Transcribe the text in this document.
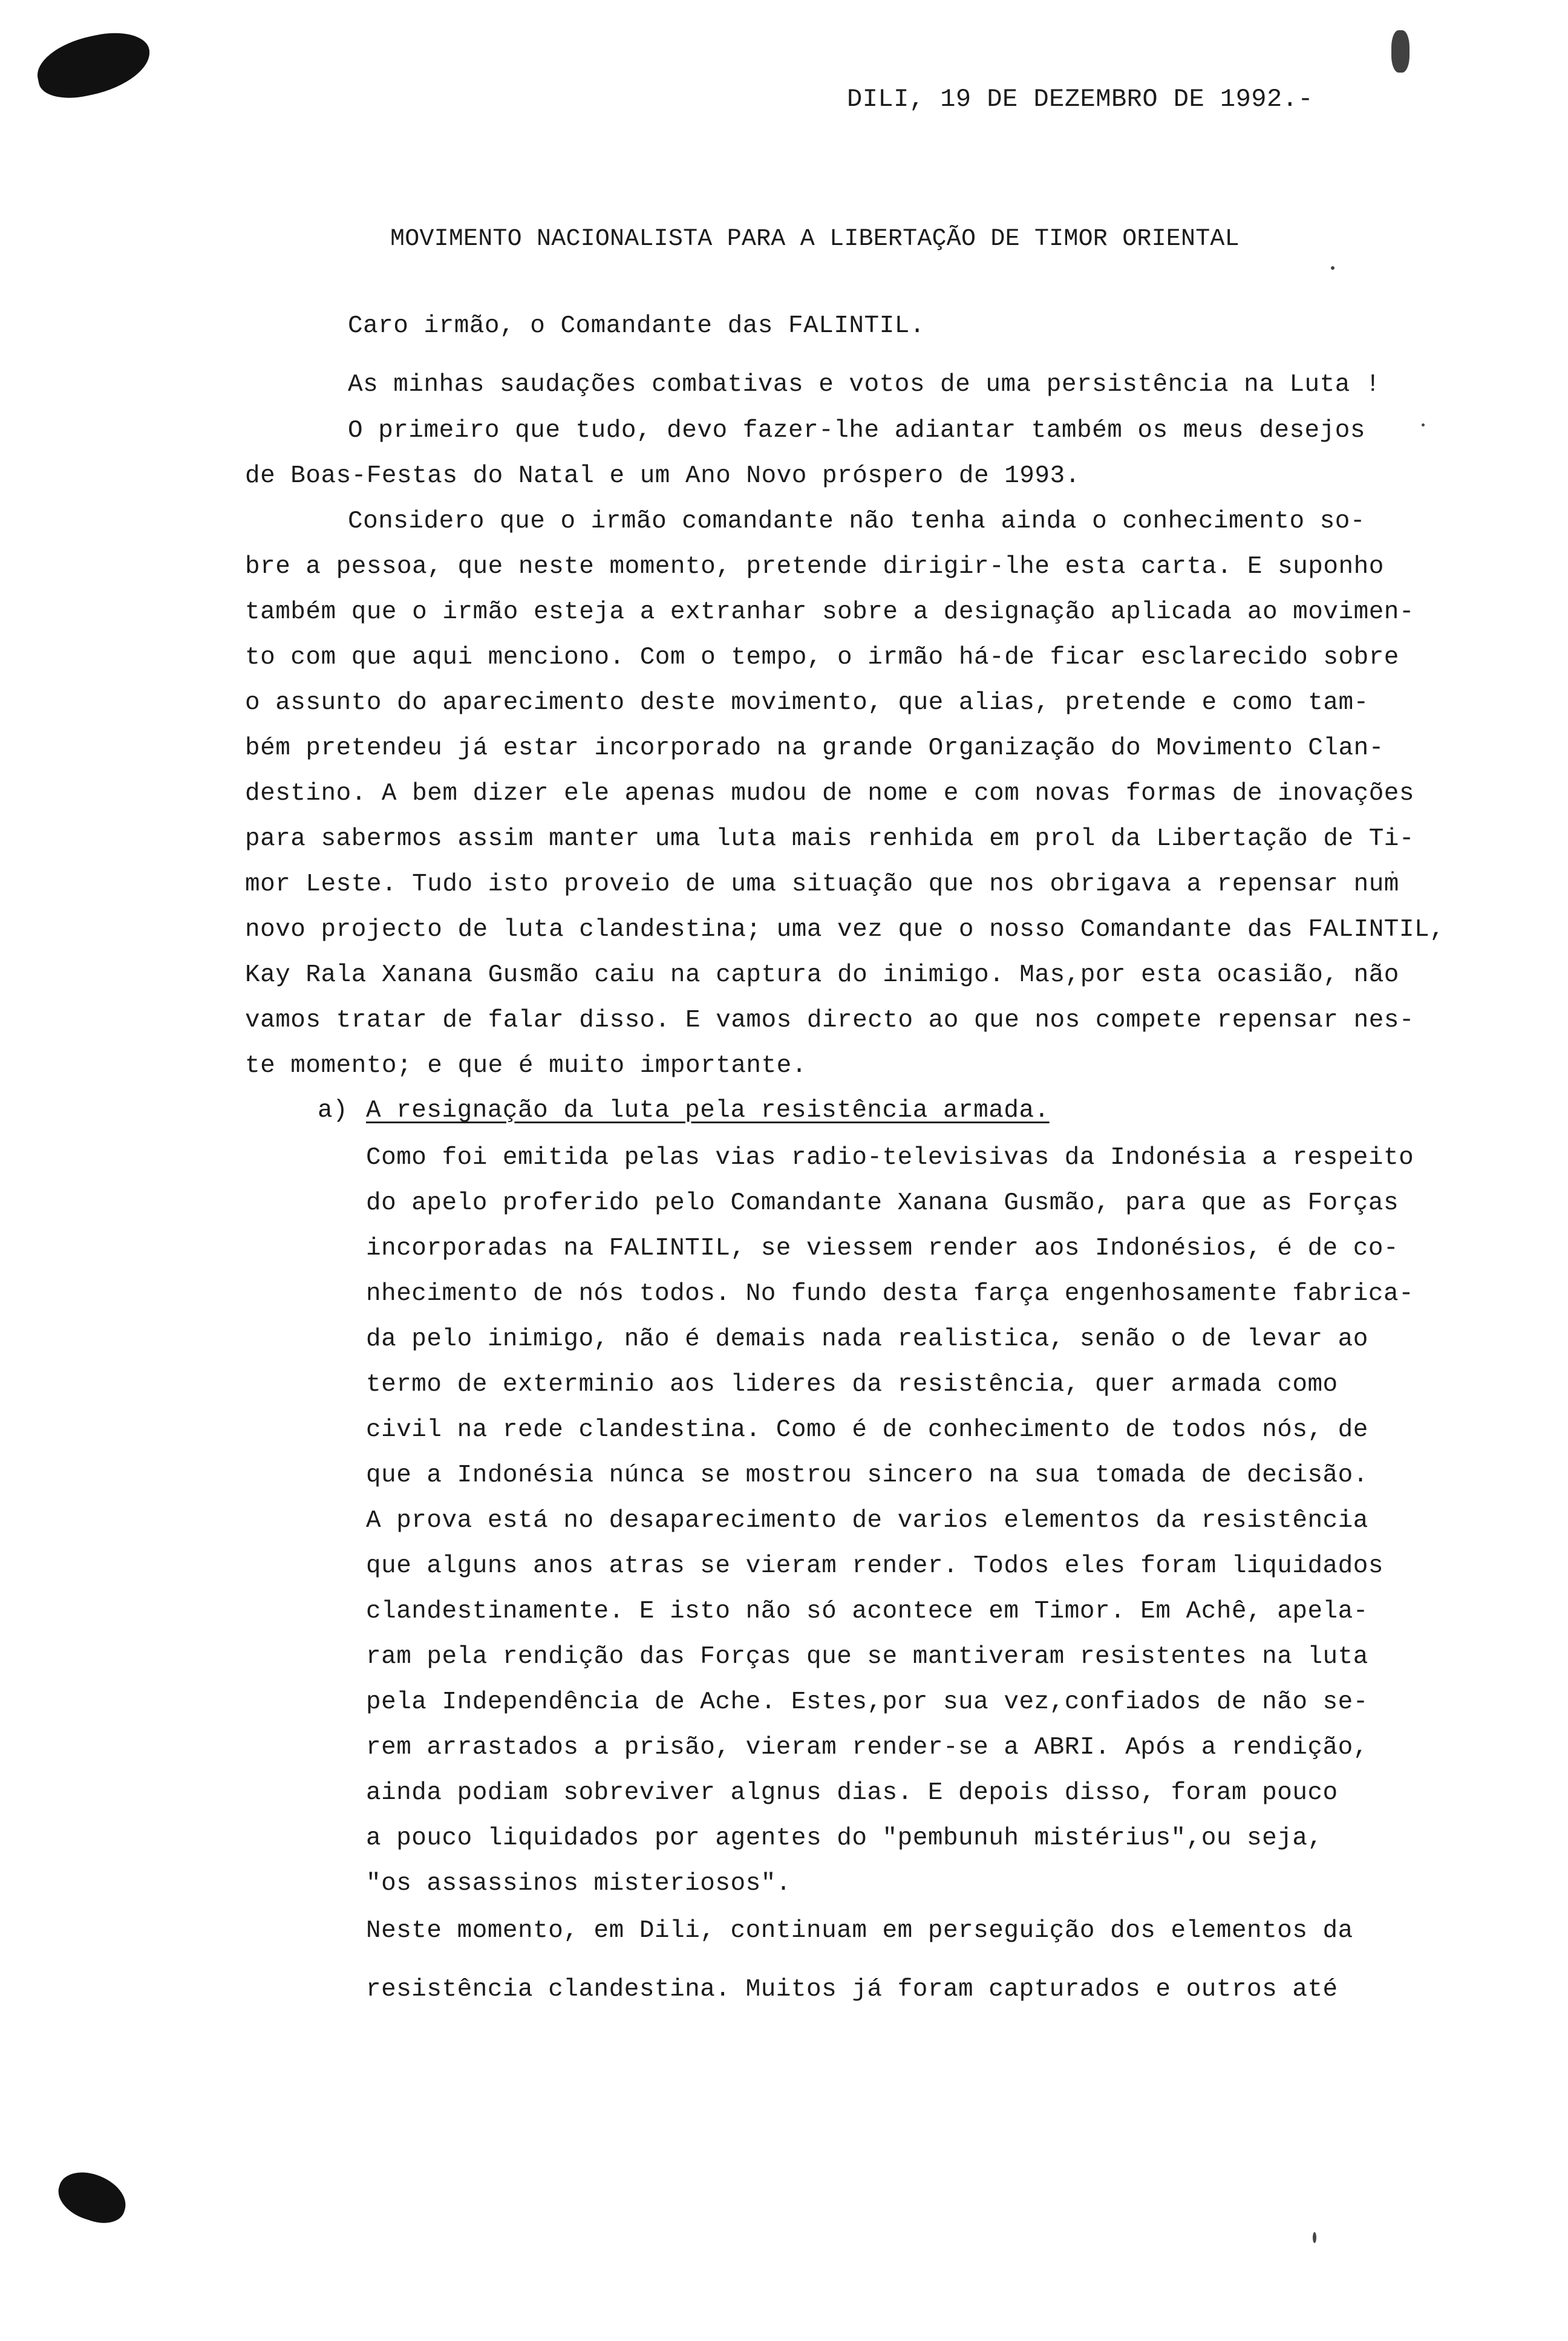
DILI, 19 DE DEZEMBRO DE 1992.-
MOVIMENTO NACIONALISTA PARA A LIBERTAÇÃO DE TIMOR ORIENTAL
Caro irmão, o Comandante das FALINTIL.
As minhas saudações combativas e votos de uma persistência na Luta !
O primeiro que tudo, devo fazer-lhe adiantar também os meus desejos
de Boas-Festas do Natal e um Ano Novo próspero de 1993.
Considero que o irmão comandante não tenha ainda o conhecimento so-
bre a pessoa, que neste momento, pretende dirigir-lhe esta carta. E suponho
também que o irmão esteja a extranhar sobre a designação aplicada ao movimen-
to com que aqui menciono. Com o tempo, o irmão há-de ficar esclarecido sobre
o assunto do aparecimento deste movimento, que alias, pretende e como tam-
bém pretendeu já estar incorporado na grande Organização do Movimento Clan-
destino. A bem dizer ele apenas mudou de nome e com novas formas de inovações
para sabermos assim manter uma luta mais renhida em prol da Libertação de Ti-
mor Leste. Tudo isto proveio de uma situação que nos obrigava a repensar num
novo projecto de luta clandestina; uma vez que o nosso Comandante das FALINTIL,
Kay Rala Xanana Gusmão caiu na captura do inimigo. Mas,por esta ocasião, não
vamos tratar de falar disso. E vamos directo ao que nos compete repensar nes-
te momento; e que é muito importante.
a) A resignação da luta pela resistência armada.
Como foi emitida pelas vias radio-televisivas da Indonésia a respeito
do apelo proferido pelo Comandante Xanana Gusmão, para que as Forças
incorporadas na FALINTIL, se viessem render aos Indonésios, é de co-
nhecimento de nós todos. No fundo desta farça engenhosamente fabrica-
da pelo inimigo, não é demais nada realistica, senão o de levar ao
termo de exterminio aos lideres da resistência, quer armada como
civil na rede clandestina. Como é de conhecimento de todos nós, de
que a Indonésia núnca se mostrou sincero na sua tomada de decisão.
A prova está no desaparecimento de varios elementos da resistência
que alguns anos atras se vieram render. Todos eles foram liquidados
clandestinamente. E isto não só acontece em Timor. Em Achê, apela-
ram pela rendição das Forças que se mantiveram resistentes na luta
pela Independência de Ache. Estes,por sua vez,confiados de não se-
rem arrastados a prisão, vieram render-se a ABRI. Após a rendição,
ainda podiam sobreviver algnus dias. E depois disso, foram pouco
a pouco liquidados por agentes do "pembunuh mistérius",ou seja,
"os assassinos misteriosos".
Neste momento, em Dili, continuam em perseguição dos elementos da
resistência clandestina. Muitos já foram capturados e outros até
